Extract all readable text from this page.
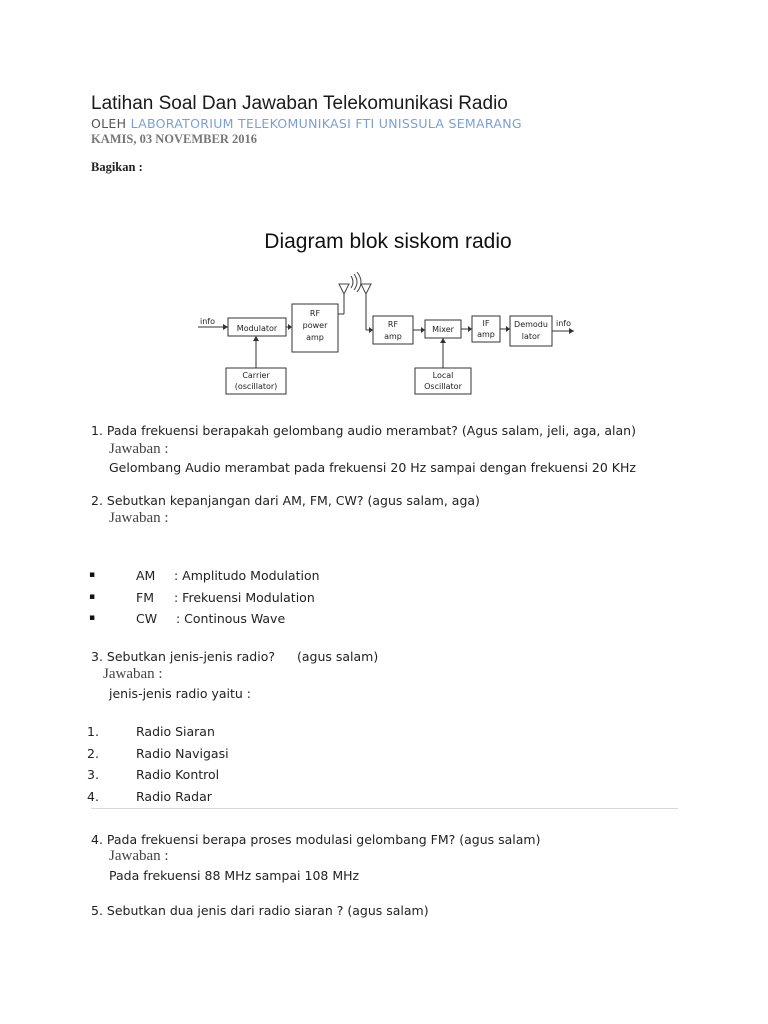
Latihan Soal Dan Jawaban Telekomunikasi Radio
OLEH LABORATORIUM TELEKOMUNIKASI FTI UNISSULA SEMARANG
KAMIS, 03 NOVEMBER 2016
Bagikan :
Diagram blok siskom radio
Modulator
RF
power
amp
Carrier
(oscillator)
RF
amp
Mixer
IF
amp
Demodu
lator
Local
Oscillator
info	info
1. Pada frekuensi berapakah gelombang audio merambat? (Agus salam, jeli, aga, alan)
Jawaban :
Gelombang Audio merambat pada frekuensi 20 Hz sampai dengan frekuensi 20 KHz
2. Sebutkan kepanjangan dari AM, FM, CW? (agus salam, aga)
Jawaban :
▪	AM : Amplitudo Modulation
▪	FM : Frekuensi Modulation
▪	CW : Continous Wave
3. Sebutkan jenis-jenis radio? (agus salam)
Jawaban :
jenis-jenis radio yaitu :
1.	Radio Siaran
2.	Radio Navigasi
3.	Radio Kontrol
4.	Radio Radar
4. Pada frekuensi berapa proses modulasi gelombang FM? (agus salam)
Jawaban :
Pada frekuensi 88 MHz sampai 108 MHz
5. Sebutkan dua jenis dari radio siaran ? (agus salam)
